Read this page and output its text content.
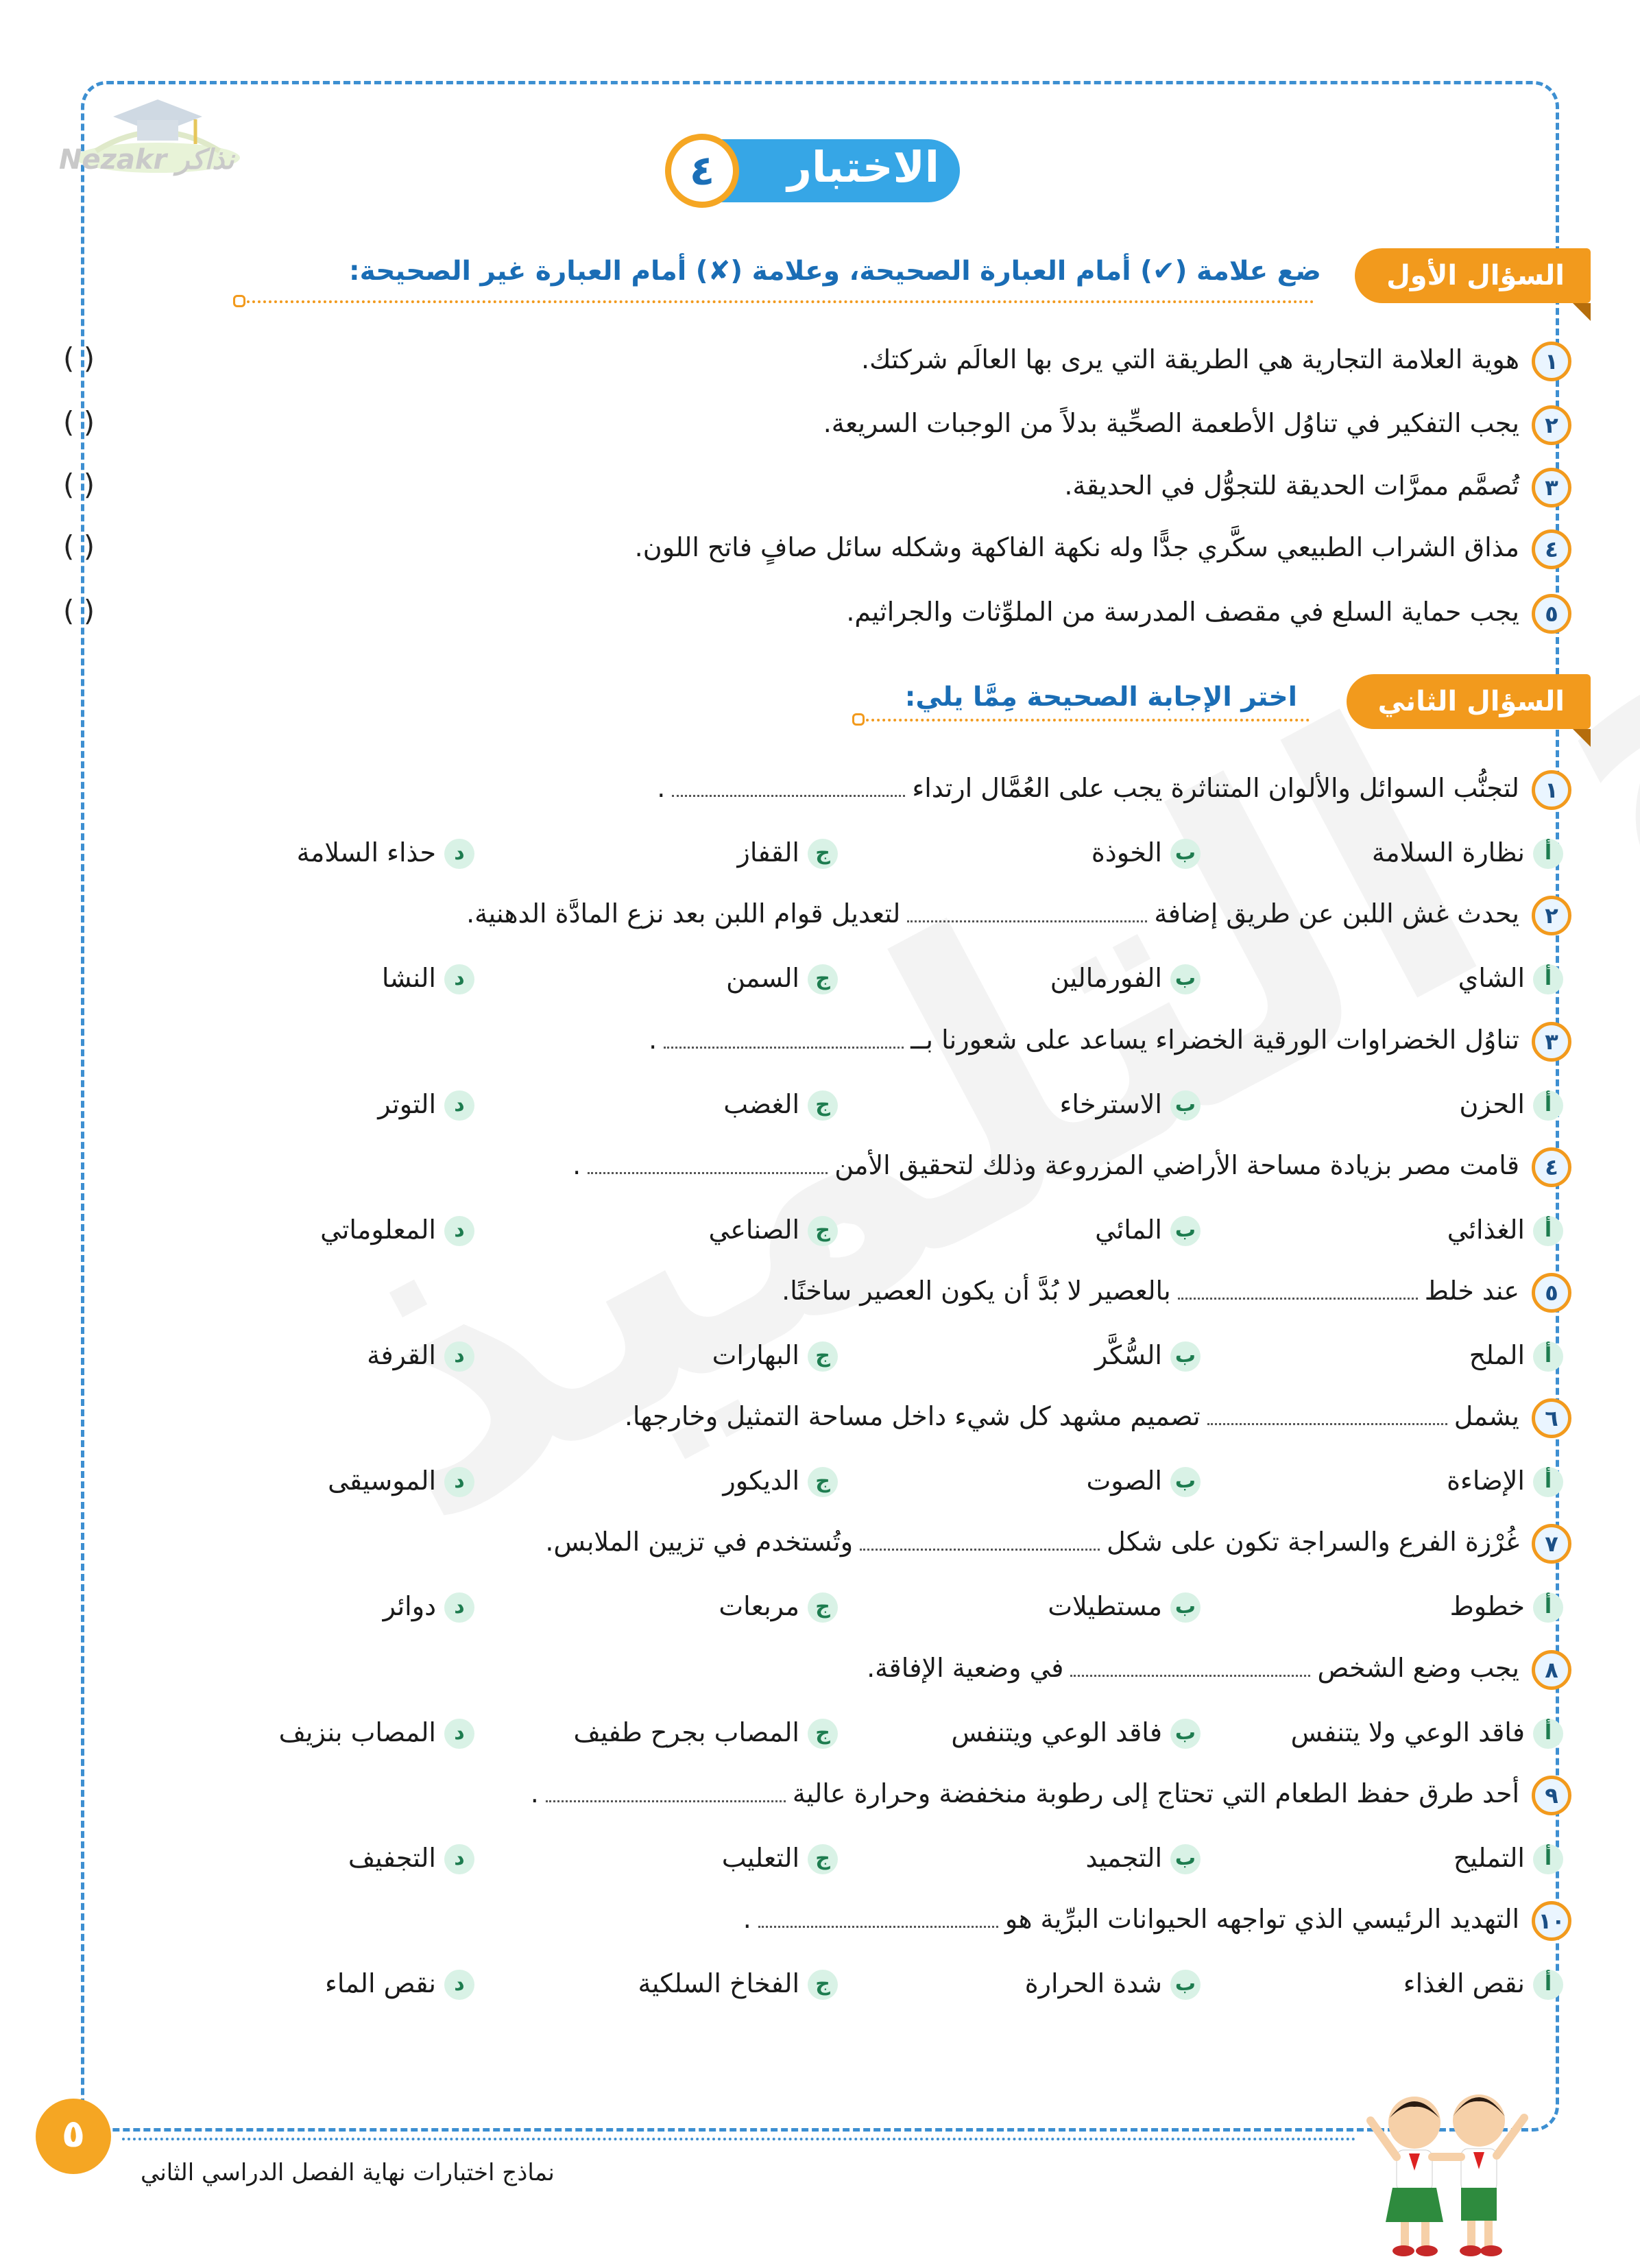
Nezakr نذاكر	الاختبار
٤
السؤال الأول
ضع علامة (✔) أمام العبارة الصحيحة، وعلامة (✘) أمام العبارة غير الصحيحة:
١
هوية العلامة التجارية هي الطريقة التي يرى بها العالَم شركتك.
( )
٢
يجب التفكير في تناوُل الأطعمة الصحِّية بدلاً من الوجبات السريعة.
( )
٣
تُصمَّم ممرَّات الحديقة للتجوُّل في الحديقة.
( )
٤
مذاق الشراب الطبيعي سكَّري جدًّا وله نكهة الفاكهة وشكله سائل صافٍ فاتح اللون.
( )
٥
يجب حماية السلع في مقصف المدرسة من الملوِّثات والجراثيم.
( )
السؤال الثاني
اختر الإجابة الصحيحة مِمَّا يلي:
١
لتجنُّب السوائل والألوان المتناثرة يجب على العُمَّال ارتداء.
أ
نظارة السلامة
ب
الخوذة
ج
القفاز
د
حذاء السلامة
٢
يحدث غش اللبن عن طريق إضافةلتعديل قوام اللبن بعد نزع المادَّة الدهنية.
أ
الشاي
ب
الفورمالين
ج
السمن
د
النشا
٣
تناوُل الخضراوات الورقية الخضراء يساعد على شعورنا بــ.
أ
الحزن
ب
الاسترخاء
ج
الغضب
د
التوتر
٤
قامت مصر بزيادة مساحة الأراضي المزروعة وذلك لتحقيق الأمن.
أ
الغذائي
ب
المائي
ج
الصناعي
د
المعلوماتي
٥
عند خلطبالعصير لا بُدَّ أن يكون العصير ساخنًا.
أ
الملح
ب
السُّكَّر
ج
البهارات
د
القرفة
٦
يشملتصميم مشهد كل شيء داخل مساحة التمثيل وخارجها.
أ
الإضاءة
ب
الصوت
ج
الديكور
د
الموسيقى
٧
غُرْزة الفرع والسراجة تكون على شكلوتُستخدم في تزيين الملابس.
أ
خطوط
ب
مستطيلات
ج
مربعات
د
دوائر
٨
يجب وضع الشخصفي وضعية الإفاقة.
أ
فاقد الوعي ولا يتنفس
ب
فاقد الوعي ويتنفس
ج
المصاب بجرح طفيف
د
المصاب بنزيف
٩
أحد طرق حفظ الطعام التي تحتاج إلى رطوبة منخفضة وحرارة عالية.
أ
التمليح
ب
التجميد
ج
التعليب
د
التجفيف
١٠
التهديد الرئيسي الذي تواجهه الحيوانات البرِّية هو.
أ
نقص الغذاء
ب
شدة الحرارة
ج
الفخاخ السلكية
د
نقص الماء
٥
نماذج اختبارات نهاية الفصل الدراسي الثاني
